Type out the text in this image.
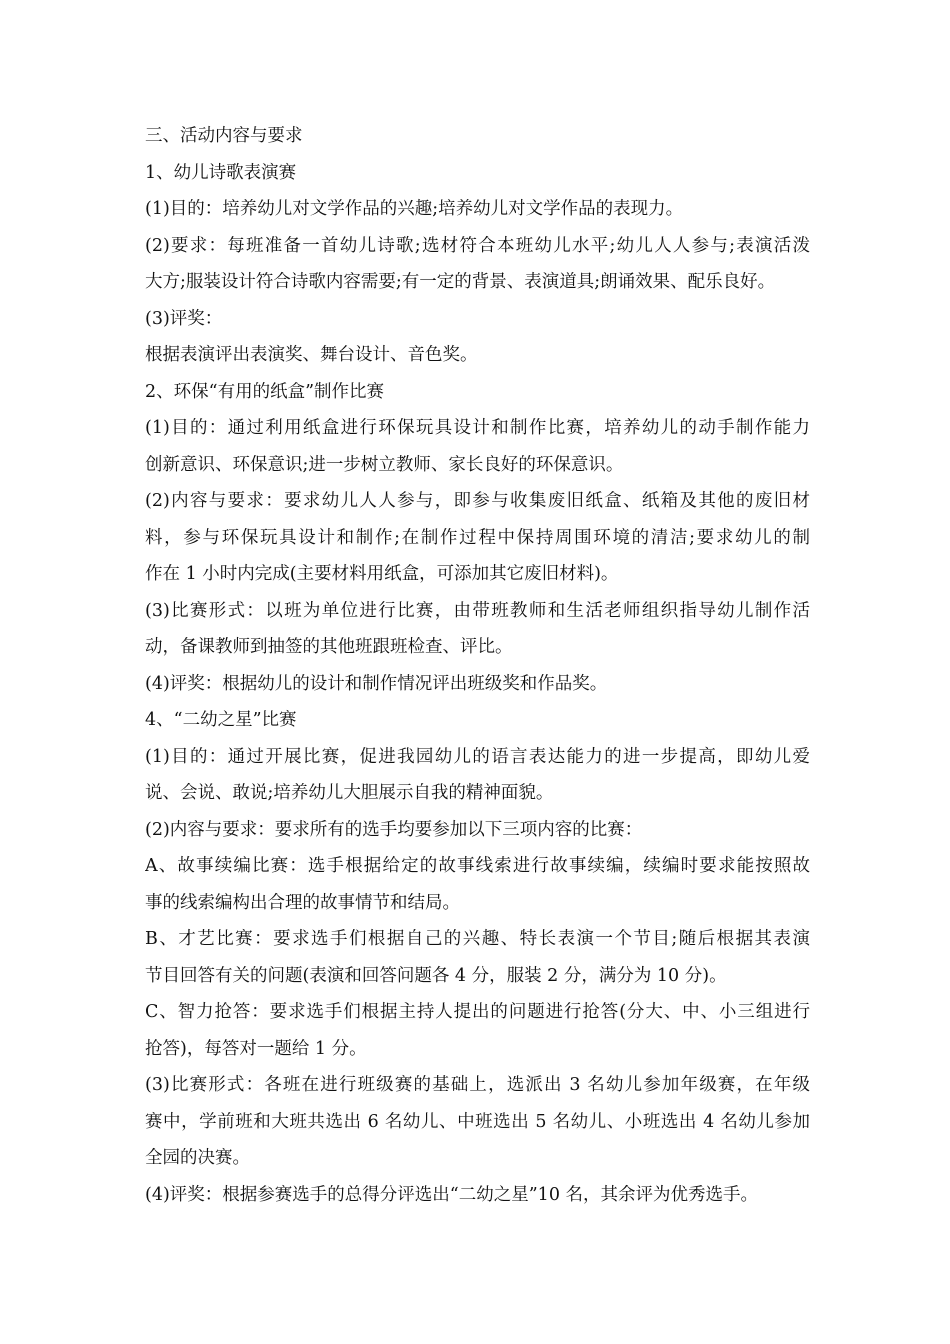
三、活动内容与要求
1、幼儿诗歌表演赛
(1)目的：培养幼儿对文学作品的兴趣;培养幼儿对文学作品的表现力。
(2)要求：每班准备一首幼儿诗歌;选材符合本班幼儿水平;幼儿人人参与;表演活泼
大方;服装设计符合诗歌内容需要;有一定的背景、表演道具;朗诵效果、配乐良好。
(3)评奖：
根据表演评出表演奖、舞台设计、音色奖。
2、环保“有用的纸盒”制作比赛
(1)目的：通过利用纸盒进行环保玩具设计和制作比赛，培养幼儿的动手制作能力
创新意识、环保意识;进一步树立教师、家长良好的环保意识。
(2)内容与要求：要求幼儿人人参与，即参与收集废旧纸盒、纸箱及其他的废旧材
料，参与环保玩具设计和制作;在制作过程中保持周围环境的清洁;要求幼儿的制
作在 1 小时内完成(主要材料用纸盒，可添加其它废旧材料)。
(3)比赛形式：以班为单位进行比赛，由带班教师和生活老师组织指导幼儿制作活
动，备课教师到抽签的其他班跟班检查、评比。
(4)评奖：根据幼儿的设计和制作情况评出班级奖和作品奖。
4、“二幼之星”比赛
(1)目的：通过开展比赛，促进我园幼儿的语言表达能力的进一步提高，即幼儿爱
说、会说、敢说;培养幼儿大胆展示自我的精神面貌。
(2)内容与要求：要求所有的选手均要参加以下三项内容的比赛：
A、故事续编比赛：选手根据给定的故事线索进行故事续编，续编时要求能按照故
事的线索编构出合理的故事情节和结局。
B、才艺比赛：要求选手们根据自己的兴趣、特长表演一个节目;随后根据其表演
节目回答有关的问题(表演和回答问题各 4 分，服装 2 分，满分为 10 分)。
C、智力抢答：要求选手们根据主持人提出的问题进行抢答(分大、中、小三组进行
抢答)，每答对一题给 1 分。
(3)比赛形式：各班在进行班级赛的基础上，选派出 3 名幼儿参加年级赛，在年级
赛中，学前班和大班共选出 6 名幼儿、中班选出 5 名幼儿、小班选出 4 名幼儿参加
全园的决赛。
(4)评奖：根据参赛选手的总得分评选出“二幼之星”10 名，其余评为优秀选手。
